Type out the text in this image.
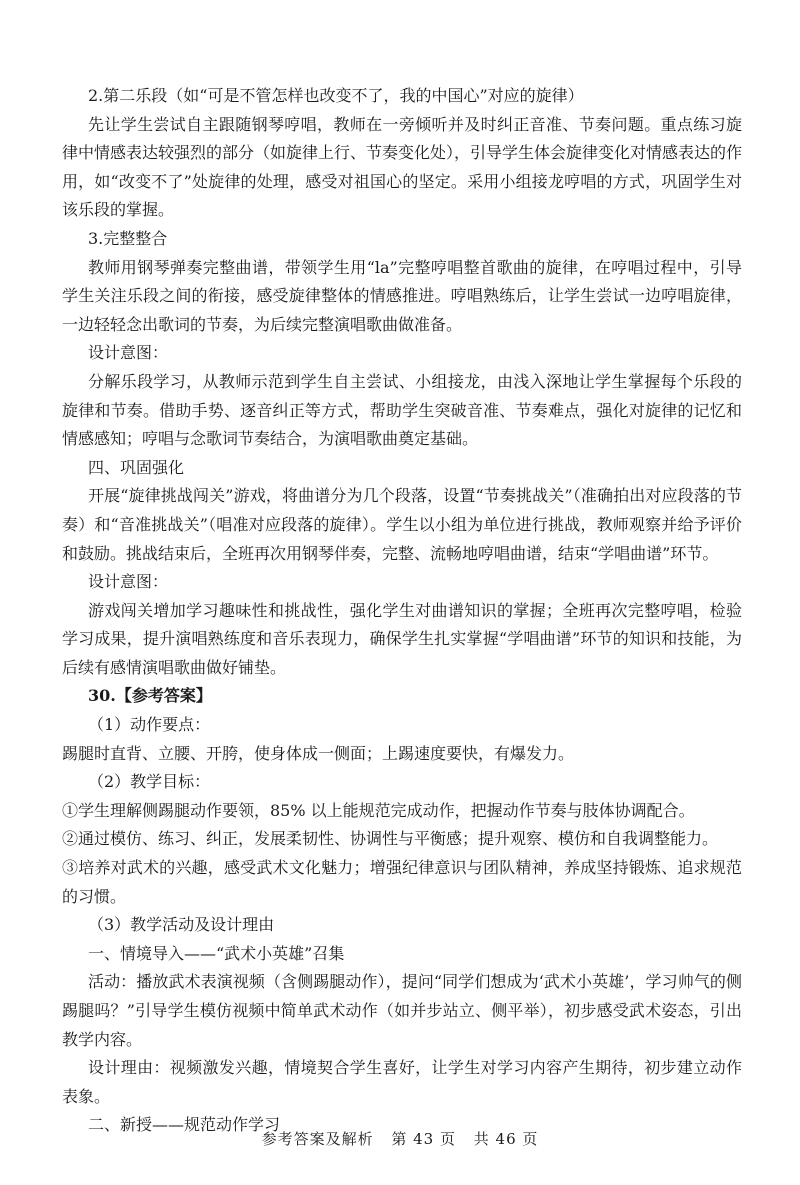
2.第二乐段（如“可是不管怎样也改变不了，我的中国心”对应的旋律）

先让学生尝试自主跟随钢琴哼唱，教师在一旁倾听并及时纠正音准、节奏问题。重点练习旋律中情感表达较强烈的部分（如旋律上行、节奏变化处），引导学生体会旋律变化对情感表达的作用，如“改变不了”处旋律的处理，感受对祖国心的坚定。采用小组接龙哼唱的方式，巩固学生对该乐段的掌握。

3.完整整合

教师用钢琴弹奏完整曲谱，带领学生用“la”完整哼唱整首歌曲的旋律，在哼唱过程中，引导学生关注乐段之间的衔接，感受旋律整体的情感推进。哼唱熟练后，让学生尝试一边哼唱旋律，一边轻轻念出歌词的节奏，为后续完整演唱歌曲做准备。

设计意图：

分解乐段学习，从教师示范到学生自主尝试、小组接龙，由浅入深地让学生掌握每个乐段的旋律和节奏。借助手势、逐音纠正等方式，帮助学生突破音准、节奏难点，强化对旋律的记忆和情感感知；哼唱与念歌词节奏结合，为演唱歌曲奠定基础。

四、巩固强化

开展“旋律挑战闯关”游戏，将曲谱分为几个段落，设置“节奏挑战关”（准确拍出对应段落的节奏）和“音准挑战关”（唱准对应段落的旋律）。学生以小组为单位进行挑战，教师观察并给予评价和鼓励。挑战结束后，全班再次用钢琴伴奏，完整、流畅地哼唱曲谱，结束“学唱曲谱”环节。

设计意图：

游戏闯关增加学习趣味性和挑战性，强化学生对曲谱知识的掌握；全班再次完整哼唱，检验学习成果，提升演唱熟练度和音乐表现力，确保学生扎实掌握“学唱曲谱”环节的知识和技能，为后续有感情演唱歌曲做好铺垫。

30.【参考答案】

（1）动作要点：

踢腿时直背、立腰、开胯，使身体成一侧面；上踢速度要快，有爆发力。

（2）教学目标：

①学生理解侧踢腿动作要领，85% 以上能规范完成动作，把握动作节奏与肢体协调配合。

②通过模仿、练习、纠正，发展柔韧性、协调性与平衡感；提升观察、模仿和自我调整能力。

③培养对武术的兴趣，感受武术文化魅力；增强纪律意识与团队精神，养成坚持锻炼、追求规范的习惯。

（3）教学活动及设计理由

一、情境导入——“武术小英雄”召集

活动：播放武术表演视频（含侧踢腿动作），提问“同学们想成为‘武术小英雄’，学习帅气的侧踢腿吗？”引导学生模仿视频中简单武术动作（如并步站立、侧平举），初步感受武术姿态，引出教学内容。

设计理由：视频激发兴趣，情境契合学生喜好，让学生对学习内容产生期待，初步建立动作表象。

二、新授——规范动作学习

参考答案及解析 第 43 页 共 46 页
